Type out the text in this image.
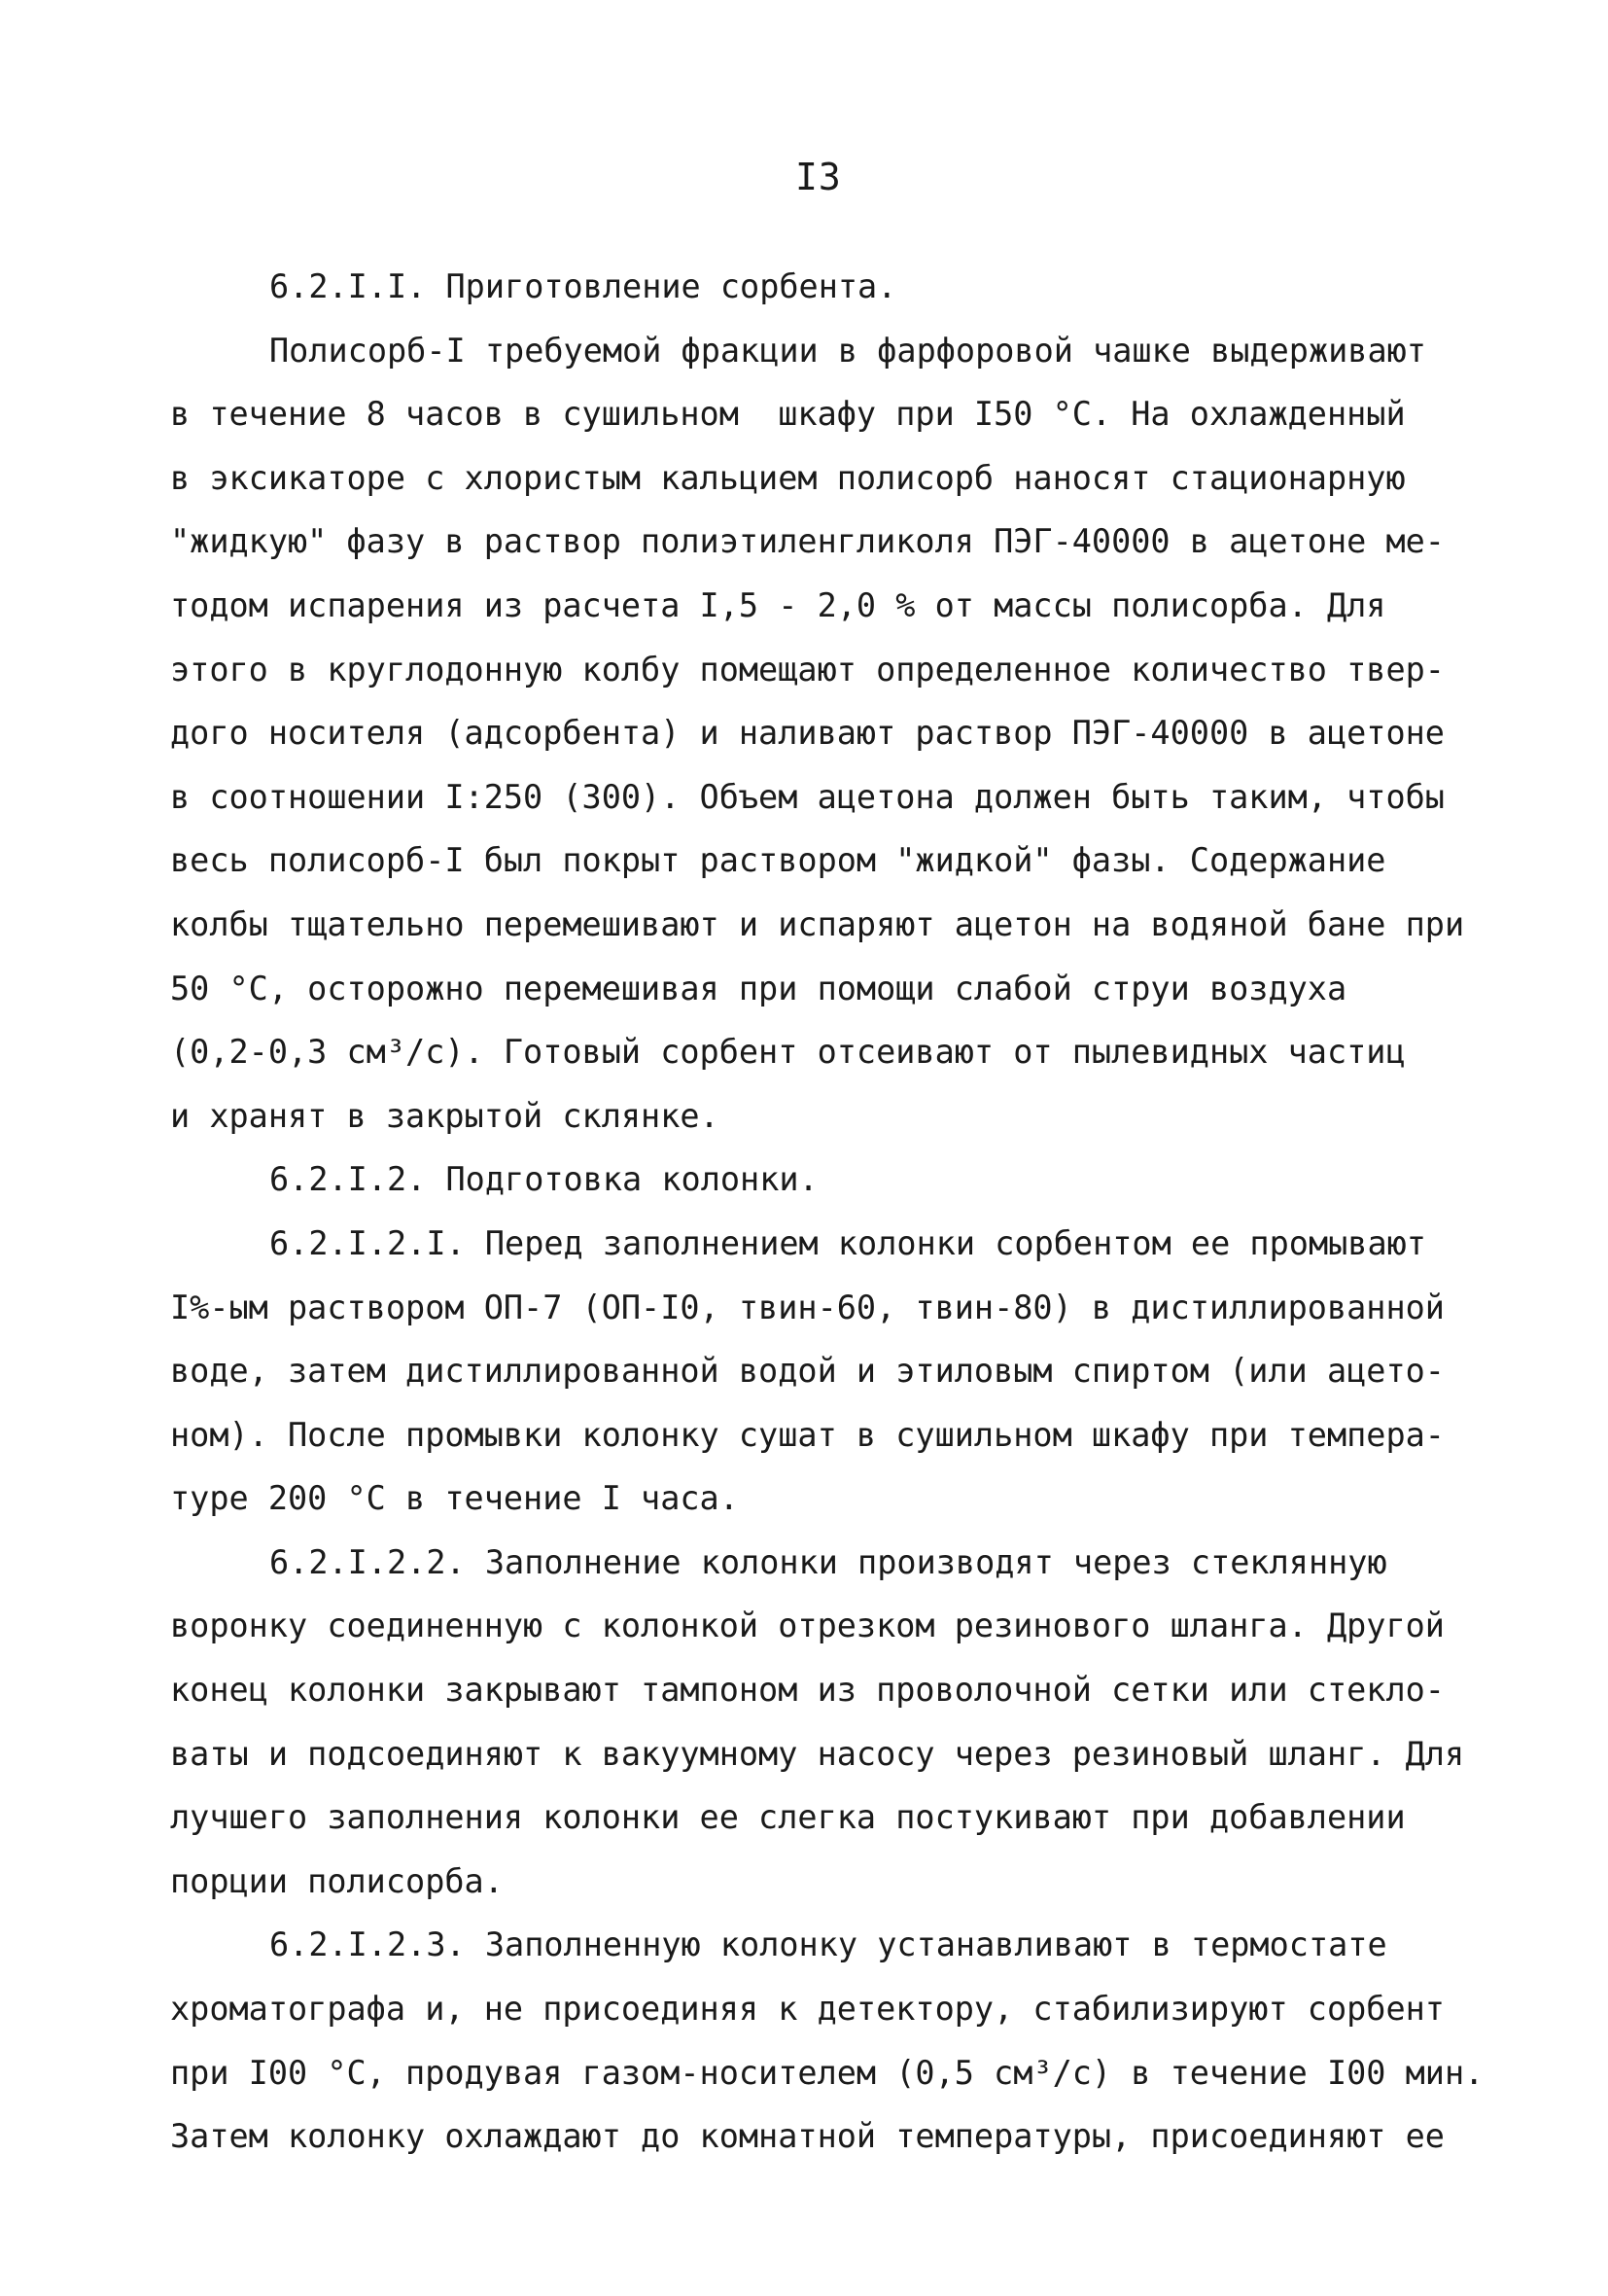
I3
6.2.I.I. Приготовление сорбента.
Полисорб-I требуемой фракции в фарфоровой чашке выдерживают
в течение 8 часов в сушильном  шкафу при I50 °С. На охлажденный
в эксикаторе с хлористым кальцием полисорб наносят стационарную
"жидкую" фазу в раствор полиэтиленгликоля ПЭГ-40000 в ацетоне ме-
тодом испарения из расчета I,5 - 2,0 % от массы полисорба. Для
этого в круглодонную колбу помещают определенное количество твер-
дого носителя (адсорбента) и наливают раствор ПЭГ-40000 в ацетоне
в соотношении I:250 (300). Объем ацетона должен быть таким, чтобы
весь полисорб-I был покрыт раствором "жидкой" фазы. Содержание
колбы тщательно перемешивают и испаряют ацетон на водяной бане при
50 °С, осторожно перемешивая при помощи слабой струи воздуха
(0,2-0,3 см³/с). Готовый сорбент отсеивают от пылевидных частиц
и хранят в закрытой склянке.
6.2.I.2. Подготовка колонки.
6.2.I.2.I. Перед заполнением колонки сорбентом ее промывают
I%-ым раствором ОП-7 (ОП-I0, твин-60, твин-80) в дистиллированной
воде, затем дистиллированной водой и этиловым спиртом (или ацето-
ном). После промывки колонку сушат в сушильном шкафу при темпера-
туре 200 °С в течение I часа.
6.2.I.2.2. Заполнение колонки производят через стеклянную
воронку соединенную с колонкой отрезком резинового шланга. Другой
конец колонки закрывают тампоном из проволочной сетки или стекло-
ваты и подсоединяют к вакуумному насосу через резиновый шланг. Для
лучшего заполнения колонки ее слегка постукивают при добавлении
порции полисорба.
6.2.I.2.3. Заполненную колонку устанавливают в термостате
хроматографа и, не присоединяя к детектору, стабилизируют сорбент
при I00 °С, продувая газом-носителем (0,5 см³/с) в течение I00 мин.
Затем колонку охлаждают до комнатной температуры, присоединяют ее
